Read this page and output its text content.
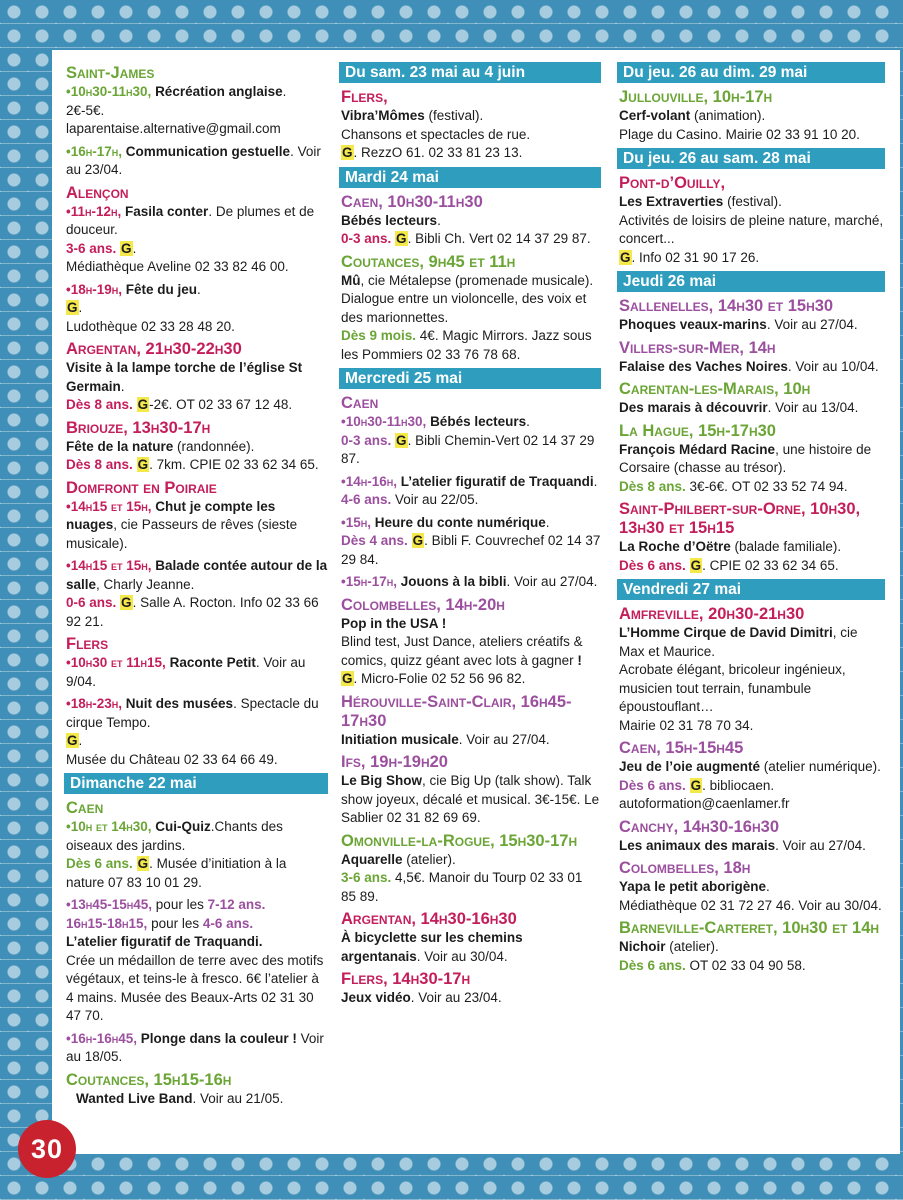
Saint-James
•10h30-11h30, Récréation anglaise. 2€-5€.
laparentaise.alternative@gmail.com
•16h-17h, Communication gestuelle. Voir au 23/04.
Alençon
•11h-12h, Fasila conter. De plumes et de douceur.
3-6 ans. G.
Médiathèque Aveline 02 33 82 46 00.
•18h-19h, Fête du jeu.
G.
Ludothèque 02 33 28 48 20.
Argentan, 21h30-22h30
Visite à la lampe torche de l’église St Germain.
Dès 8 ans. G-2€. OT 02 33 67 12 48.
Briouze, 13h30-17h
Fête de la nature (randonnée).
Dès 8 ans. G. 7km. CPIE 02 33 62 34 65.
Domfront en Poiraie
•14h15 et 15h, Chut je compte les nuages, cie Passeurs de rêves (sieste musicale).
•14h15 et 15h, Balade contée autour de la salle, Charly Jeanne.
0-6 ans. G. Salle A. Rocton. Info 02 33 66 92 21.
Flers
•10h30 et 11h15, Raconte Petit. Voir au 9/04.
•18h-23h, Nuit des musées. Spectacle du cirque Tempo.
G.
Musée du Château 02 33 64 66 49.
Dimanche 22 mai
Caen
•10h et 14h30, Cui-Quiz.Chants des oiseaux des jardins.
Dès 6 ans. G. Musée d’initiation à la nature 07 83 10 01 29.
•13h45-15h45, pour les 7-12 ans.
16h15-18h15, pour les 4-6 ans.
L’atelier figuratif de Traquandi.
Crée un médaillon de terre avec des motifs végétaux, et teins-le à fresco. 6€ l’atelier à 4 mains. Musée des Beaux-Arts 02 31 30 47 70.
•16h-16h45, Plonge dans la couleur ! Voir au 18/05.
Coutances, 15h15-16h
Wanted Live Band. Voir au 21/05.
Du sam. 23 mai au 4 juin
Flers,
Vibra’Mômes (festival).
Chansons et spectacles de rue.
G. RezzO 61. 02 33 81 23 13.
Mardi 24 mai
Caen, 10h30-11h30
Bébés lecteurs.
0-3 ans. G. Bibli Ch. Vert 02 14 37 29 87.
Coutances, 9h45 et 11h
Mû, cie Métalepse (promenade musicale).
Dialogue entre un violoncelle, des voix et des marionnettes.
Dès 9 mois. 4€. Magic Mirrors. Jazz sous les Pommiers 02 33 76 78 68.
Mercredi 25 mai
Caen
•10h30-11h30, Bébés lecteurs.
0-3 ans. G. Bibli Chemin-Vert 02 14 37 29 87.
•14h-16h, L’atelier figuratif de Traquandi.
4-6 ans. Voir au 22/05.
•15h, Heure du conte numérique.
Dès 4 ans. G. Bibli F. Couvrechef 02 14 37 29 84.
•15h-17h, Jouons à la bibli. Voir au 27/04.
Colombelles, 14h-20h
Pop in the USA !
Blind test, Just Dance, ateliers créatifs & comics, quizz géant avec lots à gagner !
G. Micro-Folie 02 52 56 96 82.
Hérouville-Saint-Clair, 16h45-17h30
Initiation musicale. Voir au 27/04.
Ifs, 19h-19h20
Le Big Show, cie Big Up (talk show). Talk show joyeux, décalé et musical. 3€-15€. Le Sablier 02 31 82 69 69.
Omonville-la-Rogue, 15h30-17h
Aquarelle (atelier).
3-6 ans. 4,5€. Manoir du Tourp 02 33 01 85 89.
Argentan, 14h30-16h30
À bicyclette sur les chemins argentanais. Voir au 30/04.
Flers, 14h30-17h
Jeux vidéo. Voir au 23/04.
Du jeu. 26 au dim. 29 mai
Jullouville, 10h-17h
Cerf-volant (animation).
Plage du Casino. Mairie 02 33 91 10 20.
Du jeu. 26 au sam. 28 mai
Pont-d’Ouilly,
Les Extraverties (festival).
Activités de loisirs de pleine nature, marché, concert...
G. Info 02 31 90 17 26.
Jeudi 26 mai
Sallenelles, 14h30 et 15h30
Phoques veaux-marins. Voir au 27/04.
Villers-sur-Mer, 14h
Falaise des Vaches Noires. Voir au 10/04.
Carentan-les-Marais, 10h
Des marais à découvrir. Voir au 13/04.
La Hague, 15h-17h30
François Médard Racine, une histoire de Corsaire (chasse au trésor).
Dès 8 ans. 3€-6€. OT 02 33 52 74 94.
Saint-Philbert-sur-Orne, 10h30, 13h30 et 15h15
La Roche d’Oëtre (balade familiale).
Dès 6 ans. G. CPIE 02 33 62 34 65.
Vendredi 27 mai
Amfreville, 20h30-21h30
L’Homme Cirque de David Dimitri, cie Max et Maurice.
Acrobate élégant, bricoleur ingénieux, musicien tout terrain, funambule époustouflant…
Mairie 02 31 78 70 34.
Caen, 15h-15h45
Jeu de l’oie augmenté (atelier numérique).
Dès 6 ans. G. bibliocaen.
autoformation@caenlamer.fr
Canchy, 14h30-16h30
Les animaux des marais. Voir au 27/04.
Colombelles, 18h
Yapa le petit aborigène.
Médiathèque 02 31 72 27 46. Voir au 30/04.
Barneville-Carteret, 10h30 et 14h
Nichoir (atelier).
Dès 6 ans. OT 02 33 04 90 58.
30
